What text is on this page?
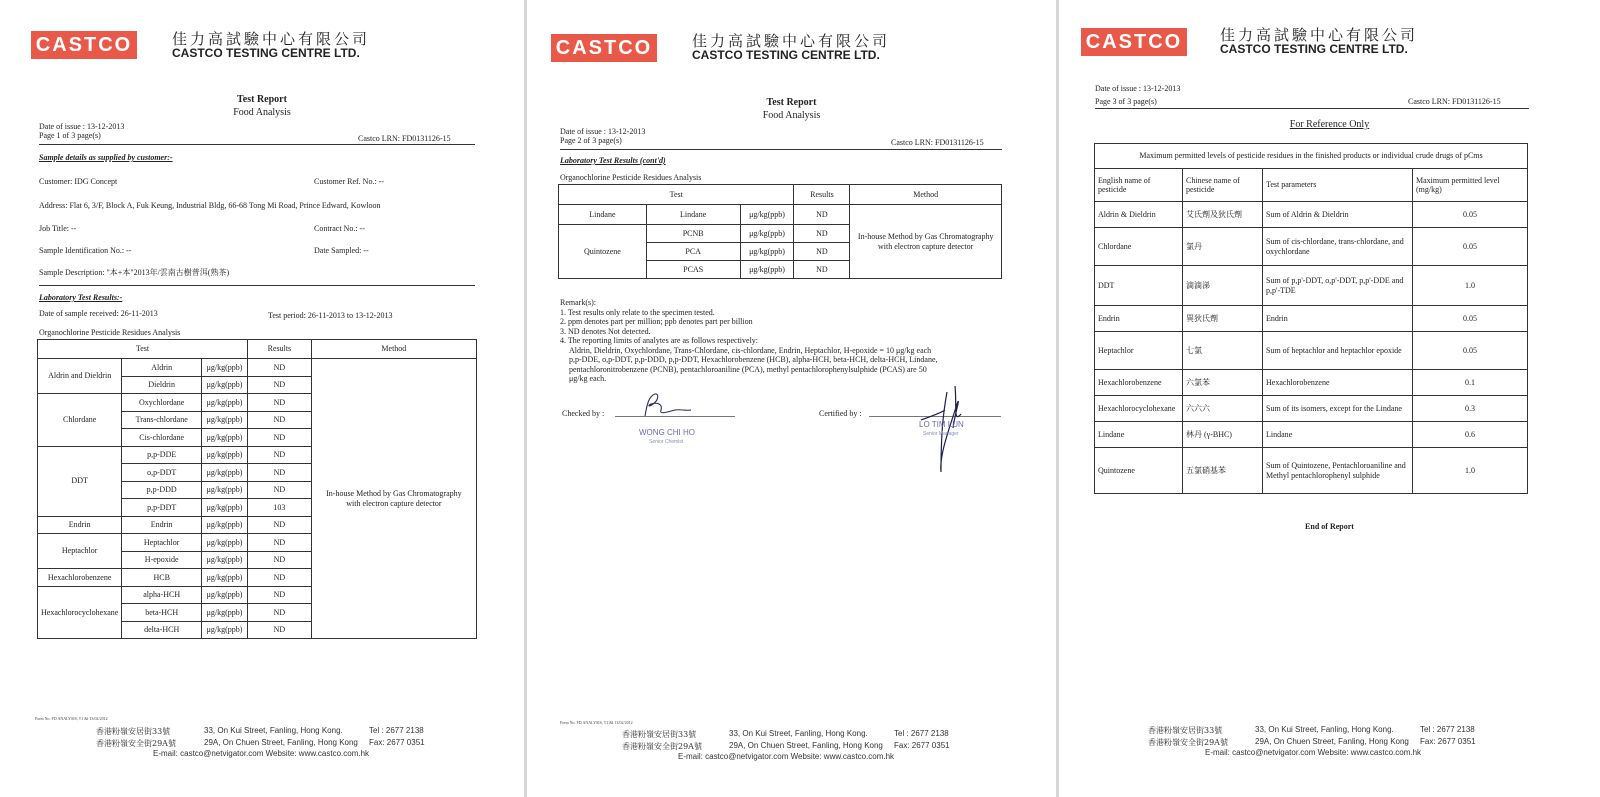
CASTCO	佳力高試驗中心有限公司
CASTCO TESTING CENTRE LTD.
Test Report
Food Analysis
Date of issue : 13-12-2013
Page 1 of 3 page(s)	Castco LRN: FD0131126-15
Sample details as supplied by customer:-
Customer: IDG Concept	Customer Ref. No.: --
Address: Flat 6, 3/F, Block A, Fuk Keung, Industrial Bldg, 66-68 Tong Mi Road, Prince Edward, Kowloon
Job Title: --	Contract No.: --
Sample Identification No.: --	Date Sampled: --
Sample Description: "本+本"2013年/雲南古樹普洱(熟茶)
Laboratory Test Results:-
Date of sample received: 26-11-2013	Test period: 26-11-2013 to 13-12-2013
Organochlorine Pesticide Residues Analysis
Test			Results	Method
Aldrin and Dieldrin	Aldrin	μg/kg(ppb)	ND	In-house Method by Gas Chromatography with electron capture detector
	Dieldrin	μg/kg(ppb)	ND	
Chlordane	Oxychlordane	μg/kg(ppb)	ND	
	Trans-chlordane	μg/kg(ppb)	ND	
	Cis-chlordane	μg/kg(ppb)	ND	
DDT	p,p-DDE	μg/kg(ppb)	ND	
	o,p-DDT	μg/kg(ppb)	ND	
	p,p-DDD	μg/kg(ppb)	ND	
	p,p-DDT	μg/kg(ppb)	103	
Endrin	Endrin	μg/kg(ppb)	ND	
Heptachlor	Heptachlor	μg/kg(ppb)	ND	
	H-epoxide	μg/kg(ppb)	ND	
Hexachlorobenzene	HCB	μg/kg(ppb)	ND	
Hexachlorocyclohexane	alpha-HCH	μg/kg(ppb)	ND	
	beta-HCH	μg/kg(ppb)	ND	
	delta-HCH	μg/kg(ppb)	ND	
Form No. FD ANALYSIS, T1 &l 13/02/2012
香港粉嶺安居街33號
香港粉嶺安全街29A號
33, On Kui Street, Fanling, Hong Kong.
29A, On Chuen Street, Fanling, Hong Kong
Tel : 2677 2138
Fax: 2677 0351
E-mail: castco@netvigator.com Website: www.castco.com.hk
CASTCO	佳力高試驗中心有限公司
CASTCO TESTING CENTRE LTD.
Test Report
Food Analysis
Date of issue : 13-12-2013
Page 2 of 3 page(s)	Castco LRN: FD0131126-15
Laboratory Test Results (cont'd)
Organochlorine Pesticide Residues Analysis
Test			Results	Method
Lindane	Lindane	μg/kg(ppb)	ND	In-house Method by Gas Chromatography with electron capture detector
Quintozene	PCNB	μg/kg(ppb)	ND	
	PCA	μg/kg(ppb)	ND	
	PCAS	μg/kg(ppb)	ND	
Remark(s):
1. Test results only relate to the specimen tested.
2. ppm denotes part per million; ppb denotes part per billion
3. ND denotes Not detected.
4. The reporting limits of analytes are as follows respectively:
Aldrin, Dieldrin, Oxychlordane, Trans-Chlordane, cis-chlordane, Endrin, Heptachlor, H-epoxide = 10 μg/kg each
p,p-DDE, o,p-DDT, p,p-DDD, p,p-DDT, Hexachlorobenzene (HCB), alpha-HCH, beta-HCH, delta-HCH, Lindane,
pentachloronitrobenzene (PCNB), pentachloroaniline (PCA), methyl pentachlorophenylsulphide (PCAS) are 50
μg/kg each.
Checked by :
WONG CHI HO
Senior Chemist
Certified by :
LO TIM LUN
Senior Manager
Form No. FD ANALYSIS, T1 &l 13/02/2012
香港粉嶺安居街33號
香港粉嶺安全街29A號
33, On Kui Street, Fanling, Hong Kong.
29A, On Chuen Street, Fanling, Hong Kong
Tel : 2677 2138
Fax: 2677 0351
E-mail: castco@netvigator.com Website: www.castco.com.hk
CASTCO	佳力高試驗中心有限公司
CASTCO TESTING CENTRE LTD.
Date of issue : 13-12-2013
Page 3 of 3 page(s)	Castco LRN: FD0131126-15
For Reference Only
Maximum permitted levels of pesticide residues in the finished products or individual crude drugs of pCms			
English name of pesticide	Chinese name of pesticide	Test parameters	Maximum permitted level (mg/kg)
Aldrin & Dieldrin	艾氏劑及狄氏劑	Sum of Aldrin & Dieldrin	0.05
Chlordane	氯丹	Sum of cis-chlordane, trans-chlordane, and oxychlordane	0.05
DDT	滴滴涕	Sum of p,p'-DDT, o,p'-DDT, p,p'-DDE and p,p'-TDE	1.0
Endrin	異狄氏劑	Endrin	0.05
Heptachlor	七氯	Sum of heptachlor and heptachlor epoxide	0.05
Hexachlorobenzene	六氯苯	Hexachlorobenzene	0.1
Hexachlorocyclohexane	六六六	Sum of its isomers, except for the Lindane	0.3
Lindane	林丹 (γ-BHC)	Lindane	0.6
Quintozene	五氯硝基苯	Sum of Quintozene, Pentachloroaniline and Methyl pentachlorophenyl sulphide	1.0
End of Report
香港粉嶺安居街33號
香港粉嶺安全街29A號
33, On Kui Street, Fanling, Hong Kong.
29A, On Chuen Street, Fanling, Hong Kong
Tel : 2677 2138
Fax: 2677 0351
E-mail: castco@netvigator.com Website: www.castco.com.hk
